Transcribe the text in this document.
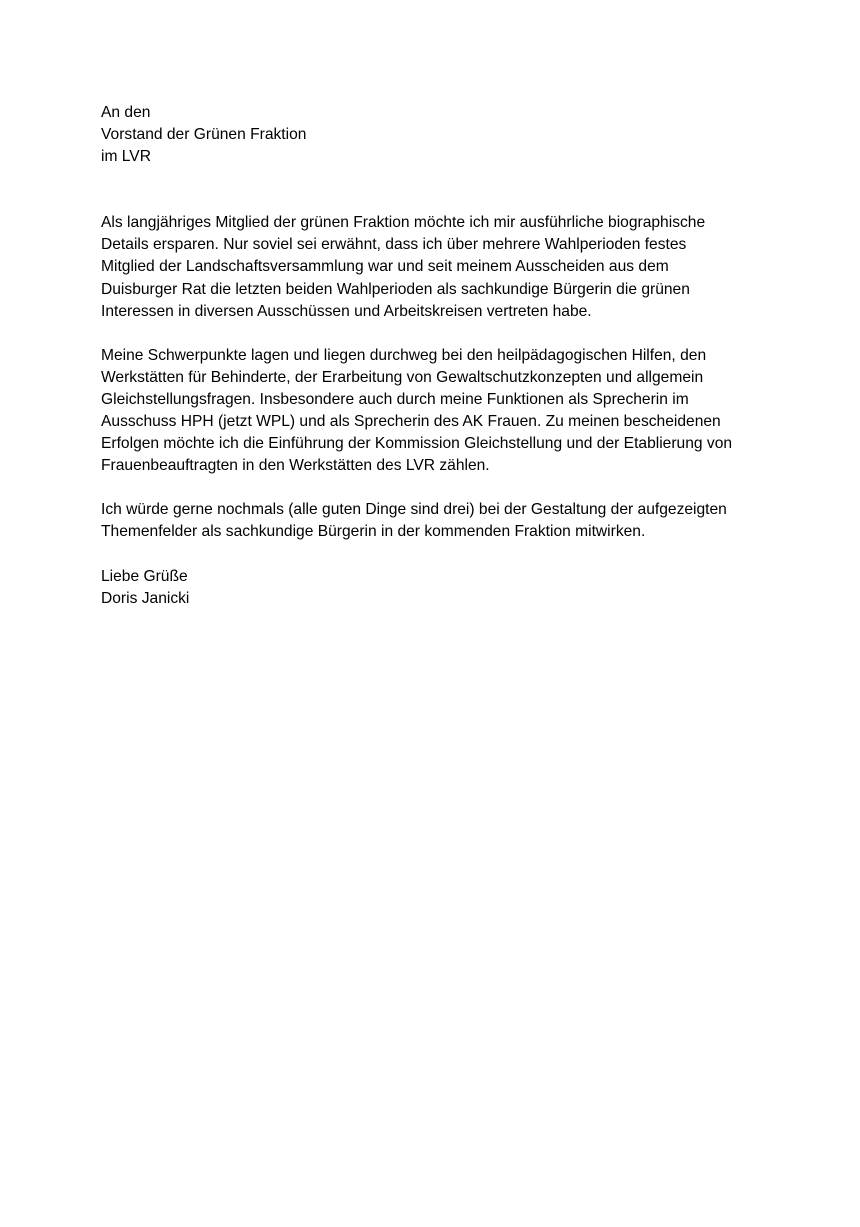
An den
Vorstand der Grünen Fraktion
im LVR
Als langjähriges Mitglied der grünen Fraktion möchte ich mir ausführliche biographische
Details ersparen. Nur soviel sei erwähnt, dass ich über mehrere Wahlperioden festes
Mitglied der Landschaftsversammlung war und seit meinem Ausscheiden aus dem
Duisburger Rat die letzten beiden Wahlperioden als sachkundige Bürgerin die grünen
Interessen in diversen Ausschüssen und Arbeitskreisen vertreten habe.
Meine Schwerpunkte lagen und liegen durchweg bei den heilpädagogischen Hilfen, den
Werkstätten für Behinderte, der Erarbeitung von Gewaltschutzkonzepten und allgemein
Gleichstellungsfragen. Insbesondere auch durch meine Funktionen als Sprecherin im
Ausschuss HPH (jetzt WPL) und als Sprecherin des AK Frauen. Zu meinen bescheidenen
Erfolgen möchte ich die Einführung der Kommission Gleichstellung und der Etablierung von
Frauenbeauftragten in den Werkstätten des LVR zählen.
Ich würde gerne nochmals (alle guten Dinge sind drei) bei der Gestaltung der aufgezeigten
Themenfelder als sachkundige Bürgerin in der kommenden Fraktion mitwirken.
Liebe Grüße
Doris Janicki
